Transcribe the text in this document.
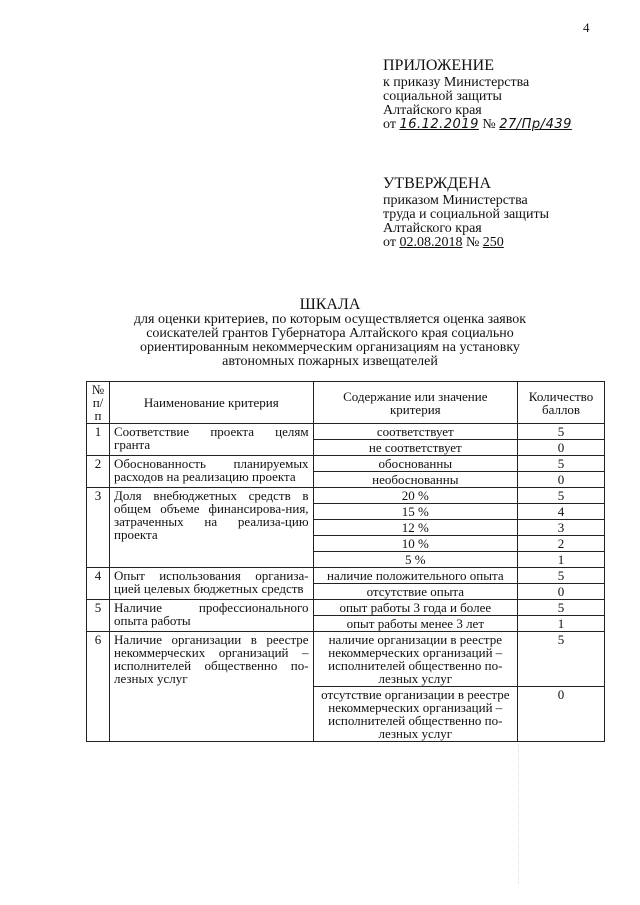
4
ПРИЛОЖЕНИЕ
к приказу Министерства
социальной защиты
Алтайского края
от 16.12.2019 № 27/Пр/439
УТВЕРЖДЕНА
приказом Министерства
труда и социальной защиты
Алтайского края
от 02.08.2018 № 250
ШКАЛА
для оценки критериев, по которым осуществляется оценка заявок
соискателей грантов Губернатора Алтайского края социально
ориентированным некоммерческим организациям на установку
автономных пожарных извещателей
№ п/п	Наименование критерия	Содержание или значение критерия	Количество баллов
1	Соответствие проекта целям гранта	соответствует	5
		не соответствует	0
2	Обоснованность планируемых расходов на реализацию проекта	обоснованны	5
		необоснованны	0
3	Доля внебюджетных средств в общем объеме финансирова-ния, затраченных на реализа-цию проекта	20 %	5
		15 %	4
		12 %	3
		10 %	2
		5 %	1
4	Опыт использования организа-цией целевых бюджетных средств	наличие положительного опыта	5
		отсутствие опыта	0
5	Наличие профессионального опыта работы	опыт работы 3 года и более	5
		опыт работы менее 3 лет	1
6	Наличие организации в реестре некоммерческих организаций – исполнителей общественно по-лезных услуг	наличие организации в реестре некоммерческих организаций – исполнителей общественно по-лезных услуг	5
		отсутствие организации в реестре некоммерческих организаций – исполнителей общественно по-лезных услуг	0
